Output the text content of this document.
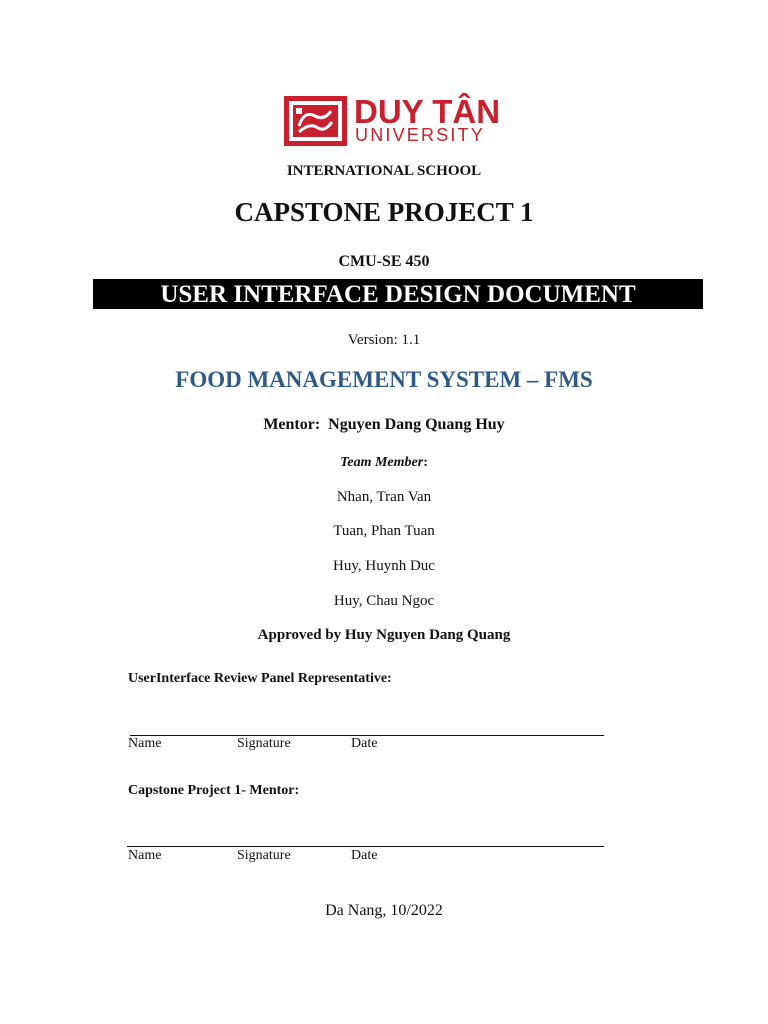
DUY TÂN
UNIVERSITY
INTERNATIONAL SCHOOL
CAPSTONE PROJECT 1
CMU-SE 450
USER INTERFACE DESIGN DOCUMENT
Version: 1.1
FOOD MANAGEMENT SYSTEM – FMS
Mentor:  Nguyen Dang Quang Huy
Team Member:
Nhan, Tran Van
Tuan, Phan Tuan
Huy, Huynh Duc
Huy, Chau Ngoc
Approved by Huy Nguyen Dang Quang
UserInterface Review Panel Representative:
Name	Signature	Date
Capstone Project 1- Mentor:
Name	Signature	Date
Da Nang, 10/2022
